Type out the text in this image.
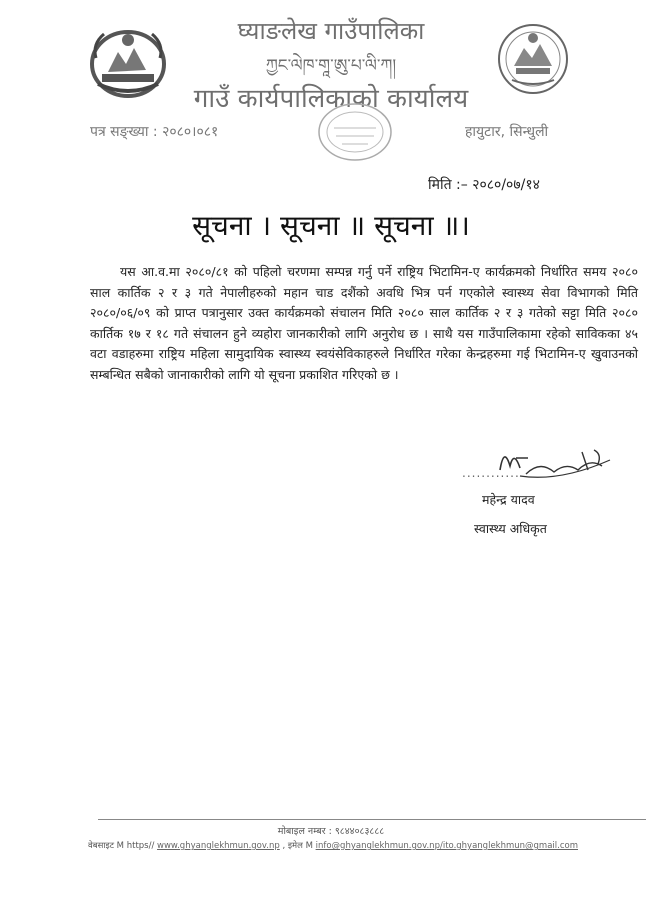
घ्याङलेख गाउँपालिका
ཀྱང་ལེཁ་གཱ་ཨུ་པ་ལི་ཀ།
गाउँ कार्यपालिकाको कार्यालय
पत्र सङ्ख्या : २०८०।०८१	हायुटार, सिन्धुली
मिति :– २०८०/०७/१४
सूचना । सूचना ॥ सूचना ॥।
यस आ.व.मा २०८०/८१ को पहिलो चरणमा सम्पन्न गर्नु पर्ने राष्ट्रिय भिटामिन-ए कार्यक्रमको निर्धारित समय २०८० साल कार्तिक २ र ३ गते नेपालीहरुको महान चाड दशैंको अवधि भित्र पर्न गएकोले स्वास्थ्य सेवा विभागको मिति २०८०/०६/०९ को प्राप्त पत्रानुसार उक्त कार्यक्रमको संचालन मिति २०८० साल कार्तिक २ र ३ गतेको सट्टा मिति २०८० कार्तिक १७ र १८ गते संचालन हुने व्यहोरा जानकारीको लागि अनुरोध छ । साथै यस गाउँपालिकामा रहेको साविकका ४५ वटा वडाहरुमा राष्ट्रिय महिला सामुदायिक स्वास्थ्य स्वयंसेविकाहरुले निर्धारित गरेका केन्द्रहरुमा गई भिटामिन-ए खुवाउनको सम्बन्धित सबैको जानाकारीको लागि यो सूचना प्रकाशित गरिएको छ ।
............
महेन्द्र यादव
स्वास्थ्य अधिकृत
मोबाइल नम्बर : ९८४४०८३८८८
वेबसाइट M https// www.ghyanglekhmun.gov.np , इमेल M info@ghyanglekhmun.gov.np/ito.ghyanglekhmun@gmail.com
